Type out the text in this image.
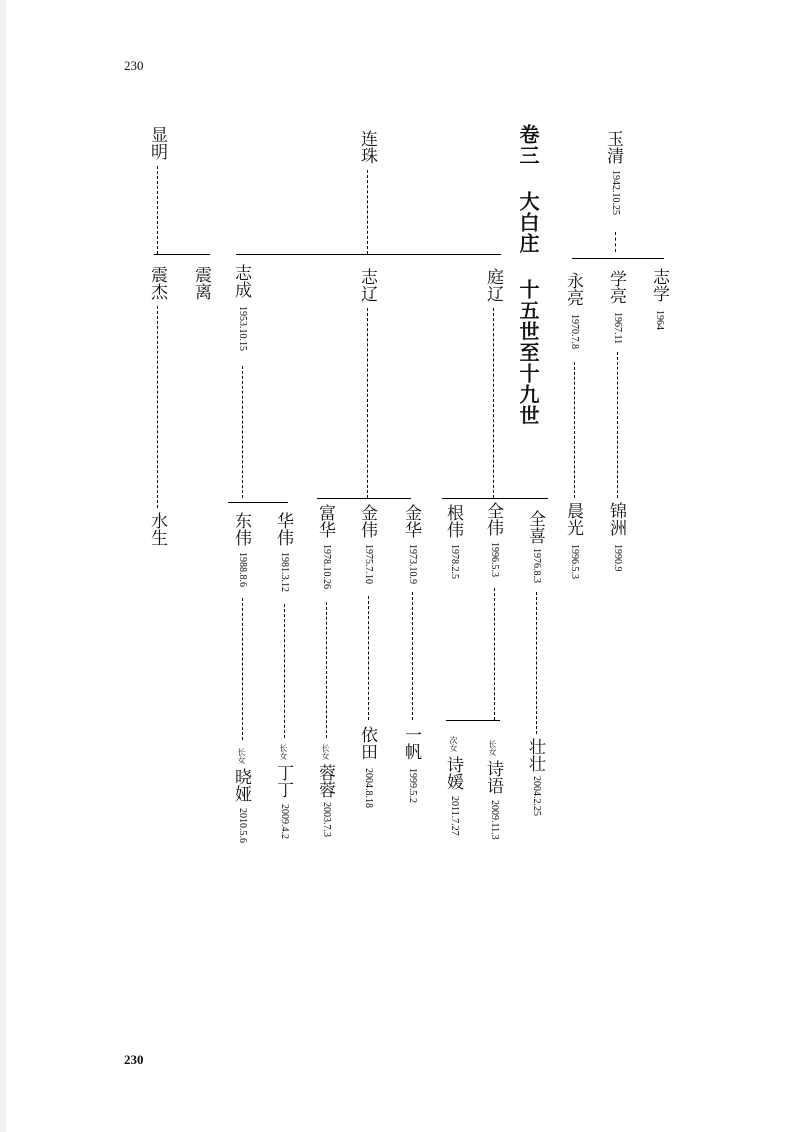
230
230
卷三 大白庄 十五世至十九世	玉清
1942.10.25
志学
1964
学亮
1967.11
锦洲
1990.9
永亮
1970.7.8
晨光
1996.5.3
连珠
庭辽
志辽
志成
1953.10.15
全喜
1976.8.3
壮壮
2004.2.25
全伟
1996.5.3
长女
诗语
2009.11.3
次女
诗媛
2011.7.27
根伟
1978.2.5
金华
1973.10.9
一帆
1999.5.2
金伟
1975.7.10
依田
2004.8.18
富华
1978.10.26
长女
蓉蓉
2003.7.3
华伟
1981.3.12
长女
丁丁
2009.4.2
东伟
1988.8.6
长女
晓娅
2010.5.6
显明
震离
震杰
水生
